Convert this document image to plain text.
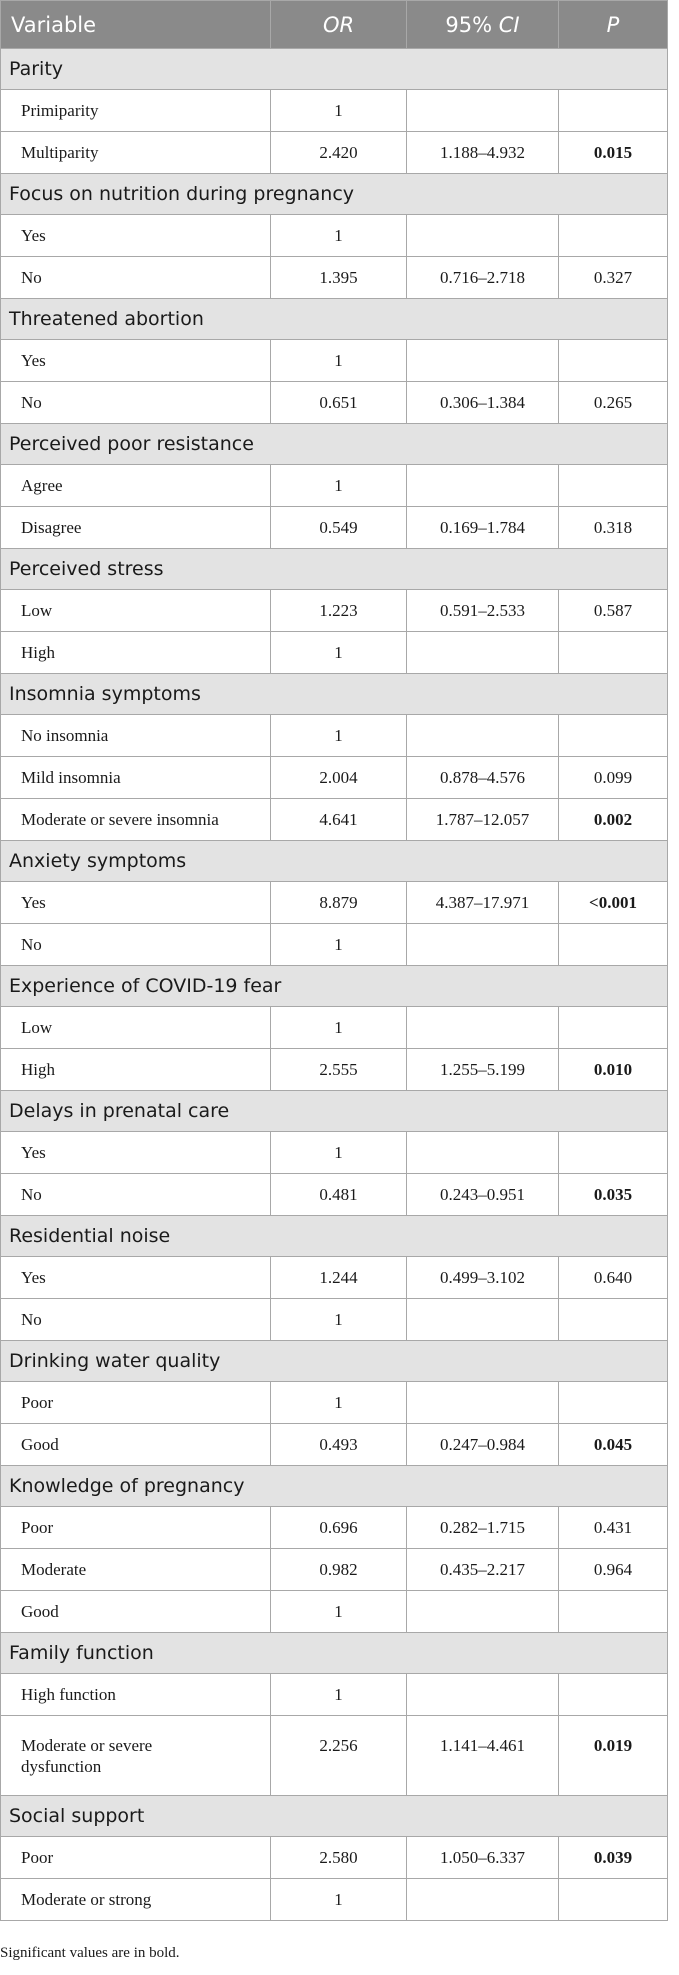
Variable	OR	95% CI	P
Parity			
Primiparity	1		
Multiparity	2.420	1.188–4.932	0.015
Focus on nutrition during pregnancy			
Yes	1		
No	1.395	0.716–2.718	0.327
Threatened abortion			
Yes	1		
No	0.651	0.306–1.384	0.265
Perceived poor resistance			
Agree	1		
Disagree	0.549	0.169–1.784	0.318
Perceived stress			
Low	1.223	0.591–2.533	0.587
High	1		
Insomnia symptoms			
No insomnia	1		
Mild insomnia	2.004	0.878–4.576	0.099
Moderate or severe insomnia	4.641	1.787–12.057	0.002
Anxiety symptoms			
Yes	8.879	4.387–17.971	<0.001
No	1		
Experience of COVID-19 fear			
Low	1		
High	2.555	1.255–5.199	0.010
Delays in prenatal care			
Yes	1		
No	0.481	0.243–0.951	0.035
Residential noise			
Yes	1.244	0.499–3.102	0.640
No	1		
Drinking water quality			
Poor	1		
Good	0.493	0.247–0.984	0.045
Knowledge of pregnancy			
Poor	0.696	0.282–1.715	0.431
Moderate	0.982	0.435–2.217	0.964
Good	1		
Family function			
High function	1		
Moderate or severe
dysfunction	2.256	1.141–4.461	0.019
Social support			
Poor	2.580	1.050–6.337	0.039
Moderate or strong	1		
Significant values are in bold.
